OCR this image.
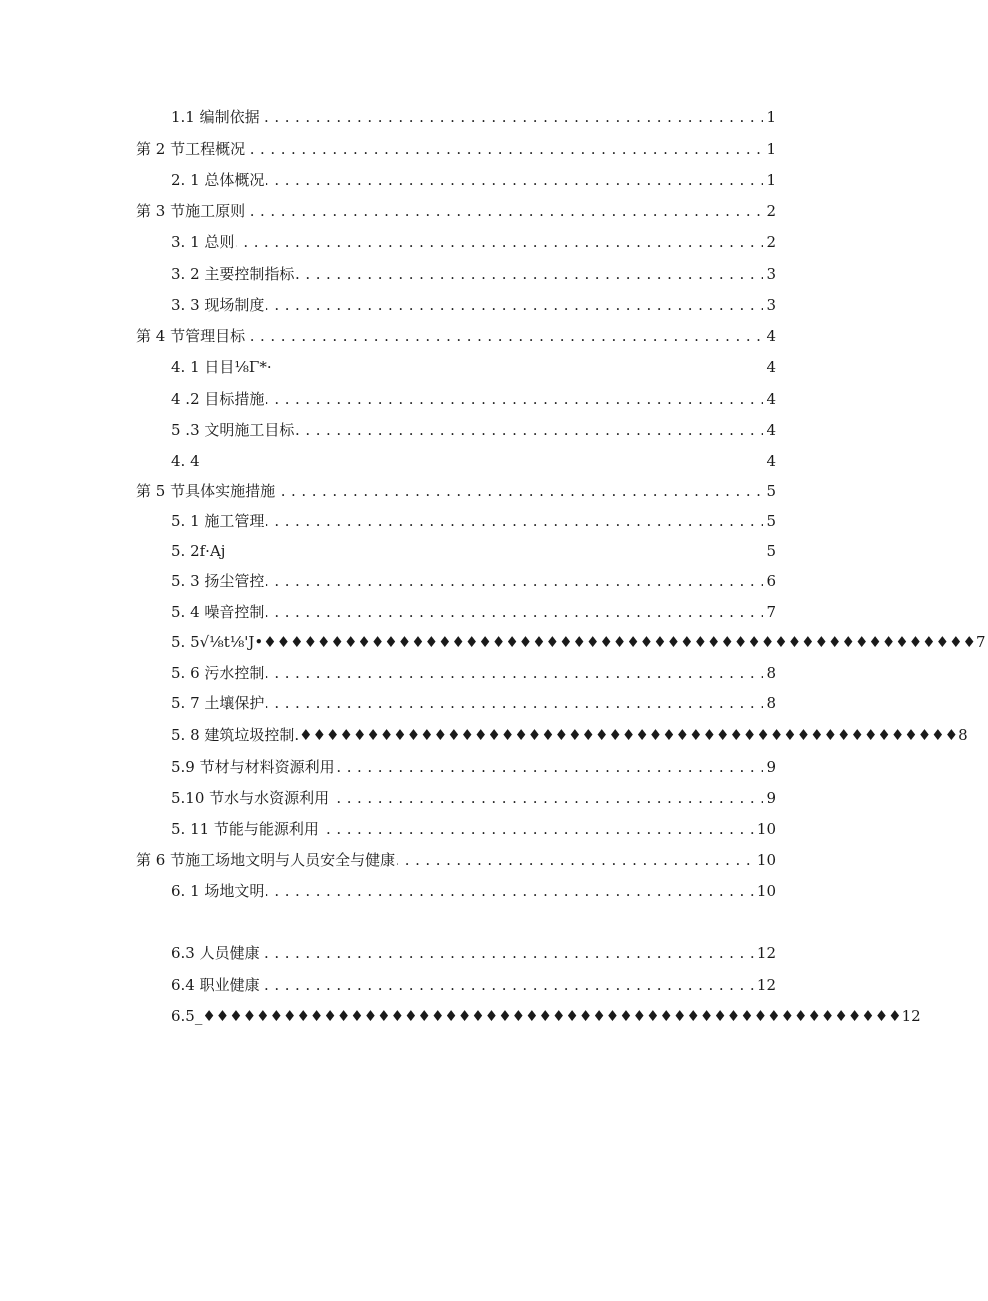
. . . 1.1 编制依据	1
. . . 第 2 节工程概况	1
. . . 2. 1 总体概况	1
. . . 第 3 节施工原则	2
. . . 3. 1 总则	2
. . . 3. 2 主要控制指标	3
. . . 3. 3 现场制度	3
. . . 第 4 节管理目标	4
4. 1 日目⅛Γ*·	4
. . . 4 .2 目标措施	4
. . . 5 .3 文明施工目标	4
4. 4	4
. . . 第 5 节具体实施措施	5
. . . 5. 1 施工管理	5
5. 2f·Aj	5
. . . 5. 3 扬尘管控	6
. . . 5. 4 噪音控制	7
5. 5√⅛t⅛'J•♦♦♦♦♦♦♦♦♦♦♦♦♦♦♦♦♦♦♦♦♦♦♦♦♦♦♦♦♦♦♦♦♦♦♦♦♦♦♦♦♦♦♦♦♦♦♦♦♦♦♦♦♦7
. . . 5. 6 污水控制	8
. . . 5. 7 土壤保护	8
5. 8 建筑垃圾控制.♦♦♦♦♦♦♦♦♦♦♦♦♦♦♦♦♦♦♦♦♦♦♦♦♦♦♦♦♦♦♦♦♦♦♦♦♦♦♦♦♦♦♦♦♦♦♦♦♦8
. . . 5.9 节材与材料资源利用	9
. . . 5.10 节水与水资源利用	9
. . . 5. 11 节能与能源利用	10
. . . 第 6 节施工场地文明与人员安全与健康	10
. . . 6. 1 场地文明	10
. . . 6.3 人员健康	12
. . . 6.4 职业健康	12
6.5_♦♦♦♦♦♦♦♦♦♦♦♦♦♦♦♦♦♦♦♦♦♦♦♦♦♦♦♦♦♦♦♦♦♦♦♦♦♦♦♦♦♦♦♦♦♦♦♦♦♦♦♦12
